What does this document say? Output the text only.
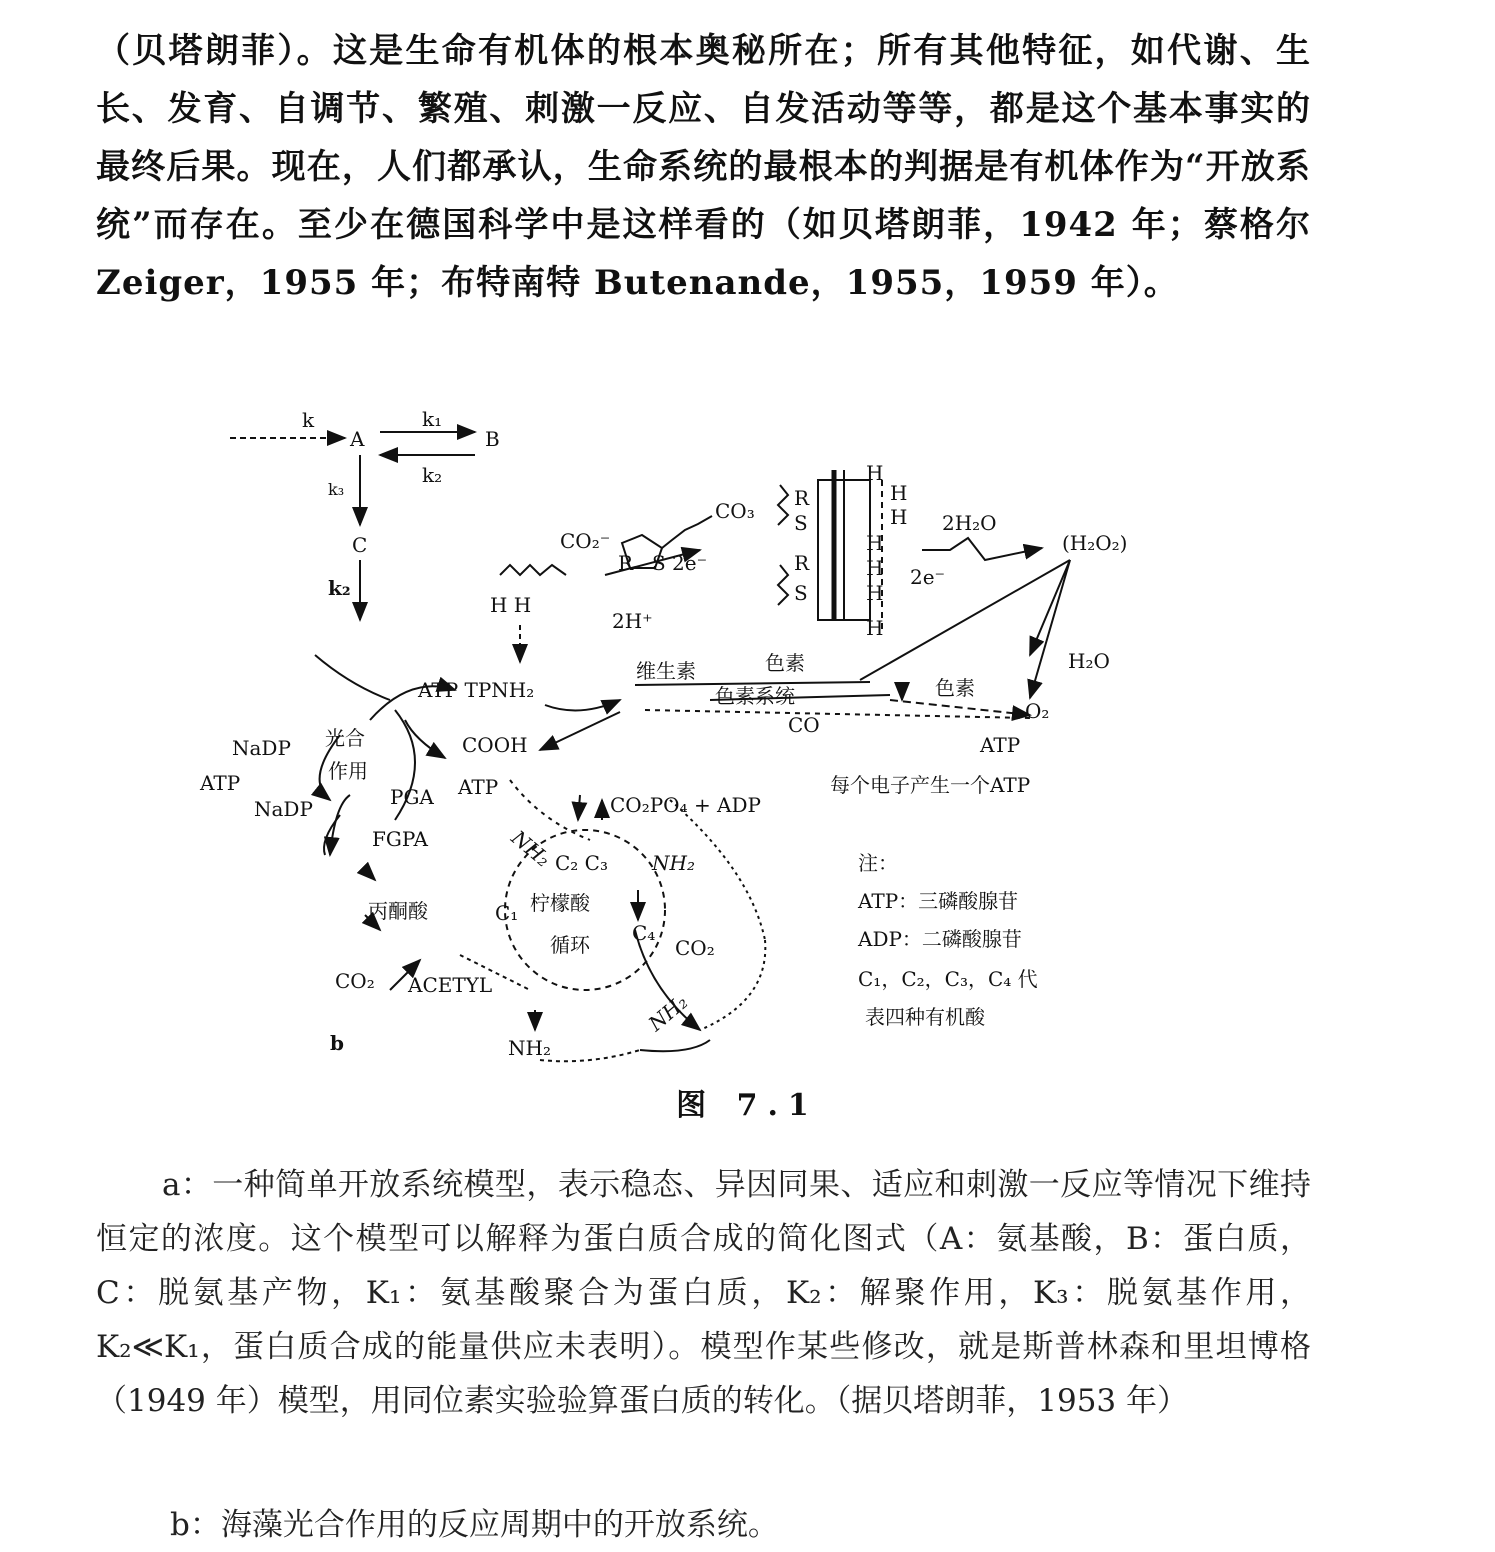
（贝塔朗菲）。这是生命有机体的根本奥秘所在；所有其他特征，如代谢、生长、发育、自调节、繁殖、刺激一反应、自发活动等等，都是这个基本事实的最终后果。现在，人们都承认，生命系统的最根本的判据是有机体作为“开放系统”而存在。至少在德国科学中是这样看的（如贝塔朗菲，1942 年；蔡格尔 Zeiger，1955 年；布特南特 Butenande，1955，1959 年）。

k
A
k₁
B
k₂
k₃
C
k₂
H H
CO₂⁻
R S 2e⁻
2H⁺
CO₃
R
S
R
S
H
H
H
H
H
H
H
2H₂O
(H₂O₂)
2e⁻
H₂O
O₂
ATP TPNH₂
维生素	色素
色素系统	色素
CO
ATP
NaDP 光合
作用
ATP
NaDP
COOH
PGA ATP
FGPA
丙酮酸
NH₂
CO₂PO₄ + ADP
每个电子产生一个ATP
C₂ C₃ NH₂
C₁ 柠檬酸
循环 C₄
CO₂
CO₂ ACETYL
NH₂
NH₂
b
注：
ATP：三磷酸腺苷
ADP：二磷酸腺苷
C₁，C₂，C₃，C₄ 代
表四种有机酸
图 7.1

a：一种简单开放系统模型，表示稳态、异因同果、适应和刺激一反应等情况下维持恒定的浓度。这个模型可以解释为蛋白质合成的简化图式（A：氨基酸，B：蛋白质，C：脱氨基产物，K₁：氨基酸聚合为蛋白质，K₂：解聚作用，K₃：脱氨基作用，K₂≪K₁，蛋白质合成的能量供应未表明）。模型作某些修改，就是斯普林森和里坦博格（1949 年）模型，用同位素实验验算蛋白质的转化。（据贝塔朗菲，1953 年）

b：海藻光合作用的反应周期中的开放系统。
